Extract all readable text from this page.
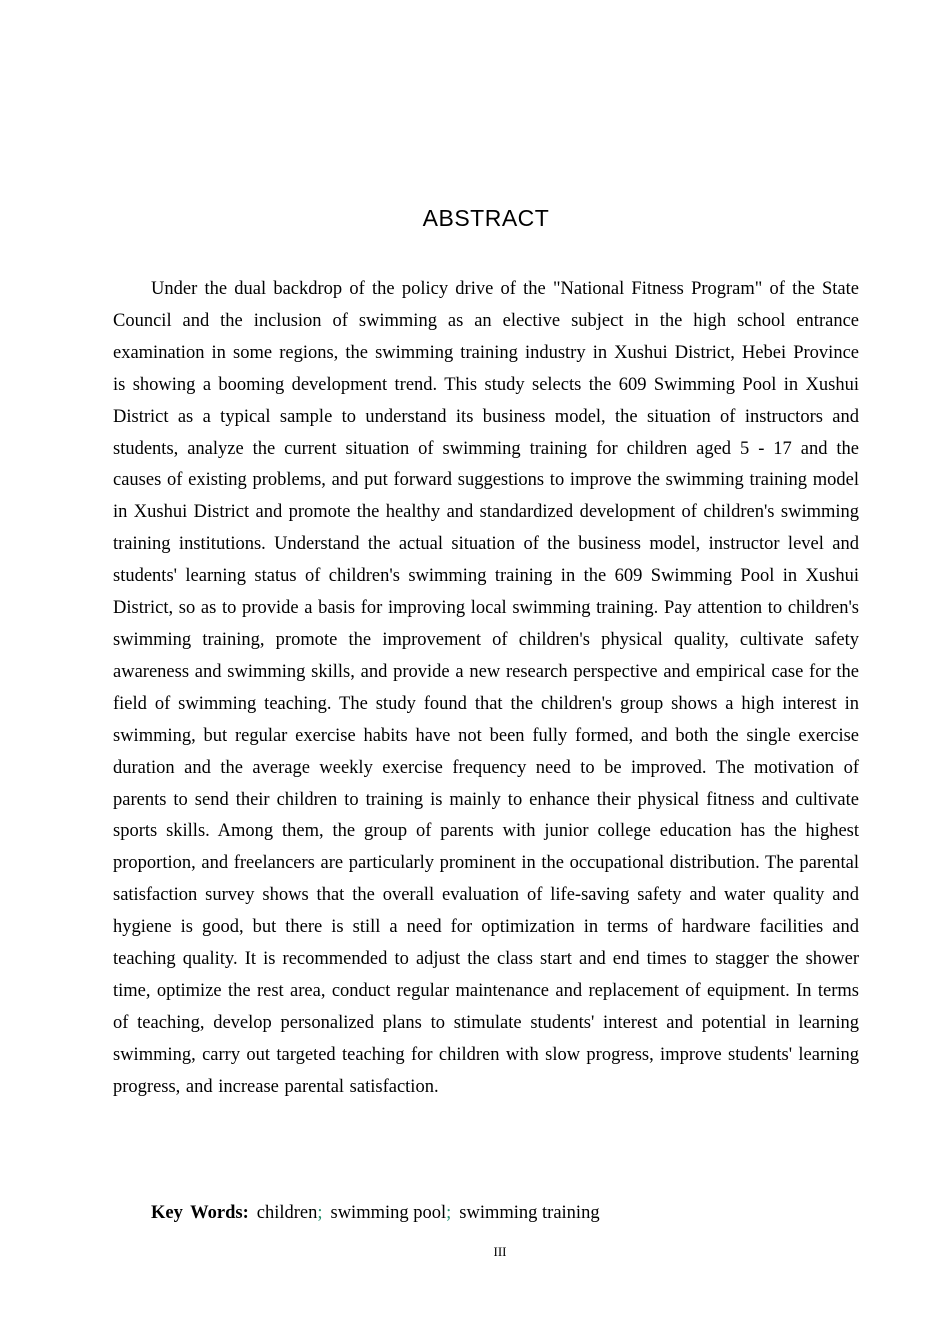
ABSTRACT

Under the dual backdrop of the policy drive of the "National Fitness Program" of the State Council and the inclusion of swimming as an elective subject in the high school entrance examination in some regions, the swimming training industry in Xushui District, Hebei Province is showing a booming development trend. This study selects the 609 Swimming Pool in Xushui District as a typical sample to understand its business model, the situation of instructors and students, analyze the current situation of swimming training for children aged 5 - 17 and the causes of existing problems, and put forward suggestions to improve the swimming training model in Xushui District and promote the healthy and standardized development of children's swimming training institutions. Understand the actual situation of the business model, instructor level and students' learning status of children's swimming training in the 609 Swimming Pool in Xushui District, so as to provide a basis for improving local swimming training. Pay attention to children's swimming training, promote the improvement of children's physical quality, cultivate safety awareness and swimming skills, and provide a new research perspective and empirical case for the field of swimming teaching. The study found that the children's group shows a high interest in swimming, but regular exercise habits have not been fully formed, and both the single exercise duration and the average weekly exercise frequency need to be improved. The motivation of parents to send their children to training is mainly to enhance their physical fitness and cultivate sports skills. Among them, the group of parents with junior college education has the highest proportion, and freelancers are particularly prominent in the occupational distribution. The parental satisfaction survey shows that the overall evaluation of life-saving safety and water quality and hygiene is good, but there is still a need for optimization in terms of hardware facilities and teaching quality. It is recommended to adjust the class start and end times to stagger the shower time, optimize the rest area, conduct regular maintenance and replacement of equipment. In terms of teaching, develop personalized plans to stimulate students' interest and potential in learning swimming, carry out targeted teaching for children with slow progress, improve students' learning progress, and increase parental satisfaction.

Key Words: children; swimming pool; swimming training
III
